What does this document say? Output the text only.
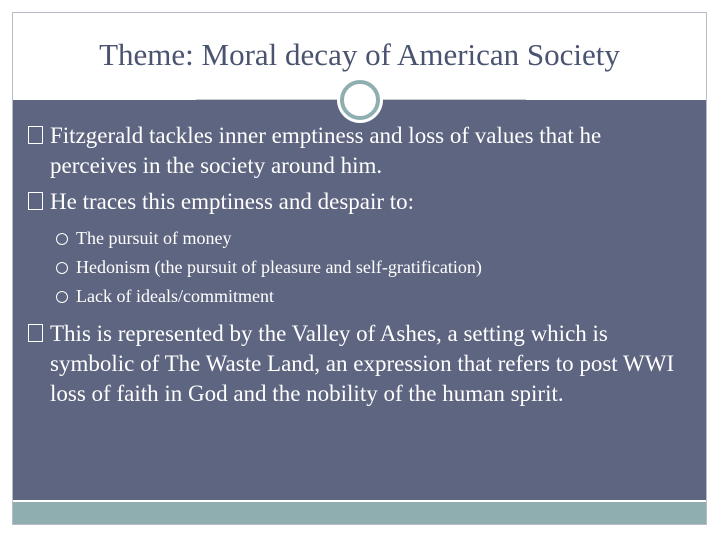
Theme: Moral decay of American Society

Fitzgerald tackles inner emptiness and loss of values that he perceives in the society around him.

He traces this emptiness and despair to:

The pursuit of money

Hedonism (the pursuit of pleasure and self-gratification)

Lack of ideals/commitment

This is represented by the Valley of Ashes, a setting which is symbolic of The Waste Land, an expression that refers to post WWI loss of faith in God and the nobility of the human spirit.
